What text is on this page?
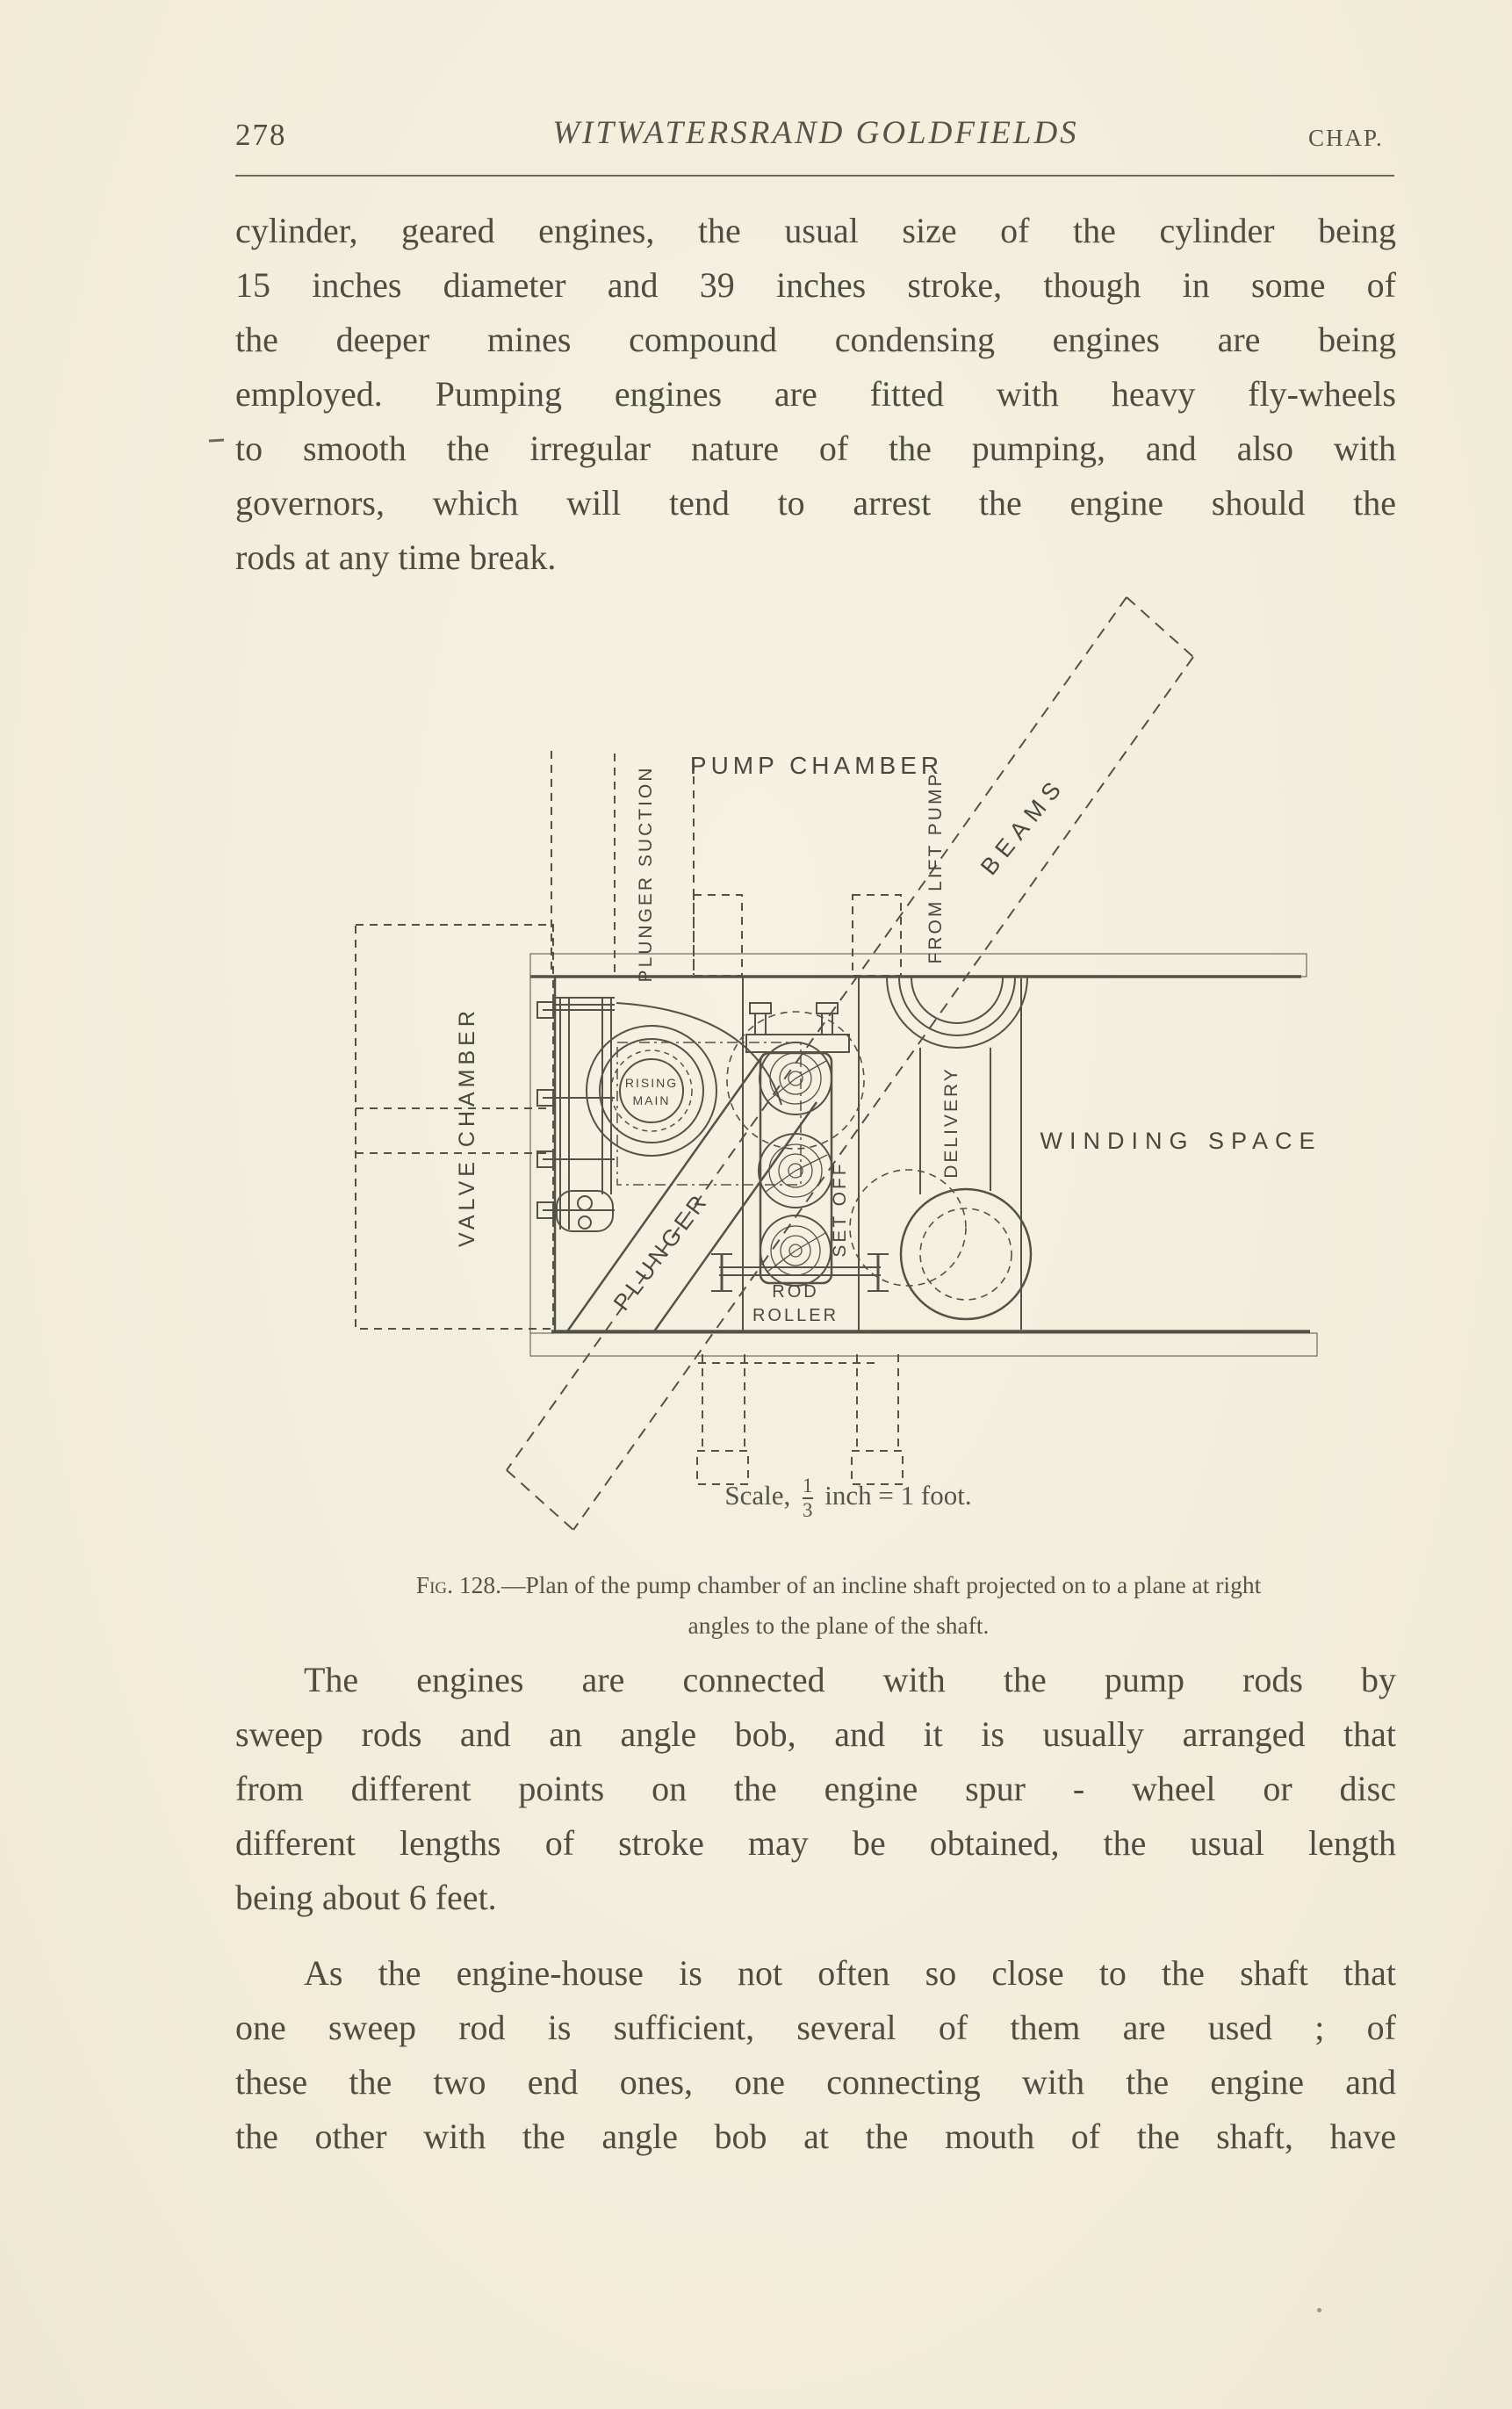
278	WITWATERSRAND GOLDFIELDS	CHAP.
cylinder, geared engines, the usual size of the cylinder being
15 inches diameter and 39 inches stroke, though in some of
the deeper mines compound condensing engines are being
employed. Pumping engines are fitted with heavy fly-wheels
to smooth the irregular nature of the pumping, and also with
governors, which will tend to arrest the engine should the
rods at any time break.
WINDING SPACE
VALVE CHAMBER
BEAMS
PUMP CHAMBER
PLUNGER SUCTION	FROM LIFT PUMP
RISING
MAIN
PLUNGER	SET OFF
ROD
ROLLER
DELIVERY
Scale, $\frac{1}{3}$ inch = 1 foot.
Fig. 128.—Plan of the pump chamber of an incline shaft projected on to a plane at right
angles to the plane of the shaft.
The engines are connected with the pump rods by
sweep rods and an angle bob, and it is usually arranged that
from different points on the engine spur - wheel or disc
different lengths of stroke may be obtained, the usual length
being about 6 feet.
As the engine-house is not often so close to the shaft that
one sweep rod is sufficient, several of them are used ; of
these the two end ones, one connecting with the engine and
the other with the angle bob at the mouth of the shaft, have
